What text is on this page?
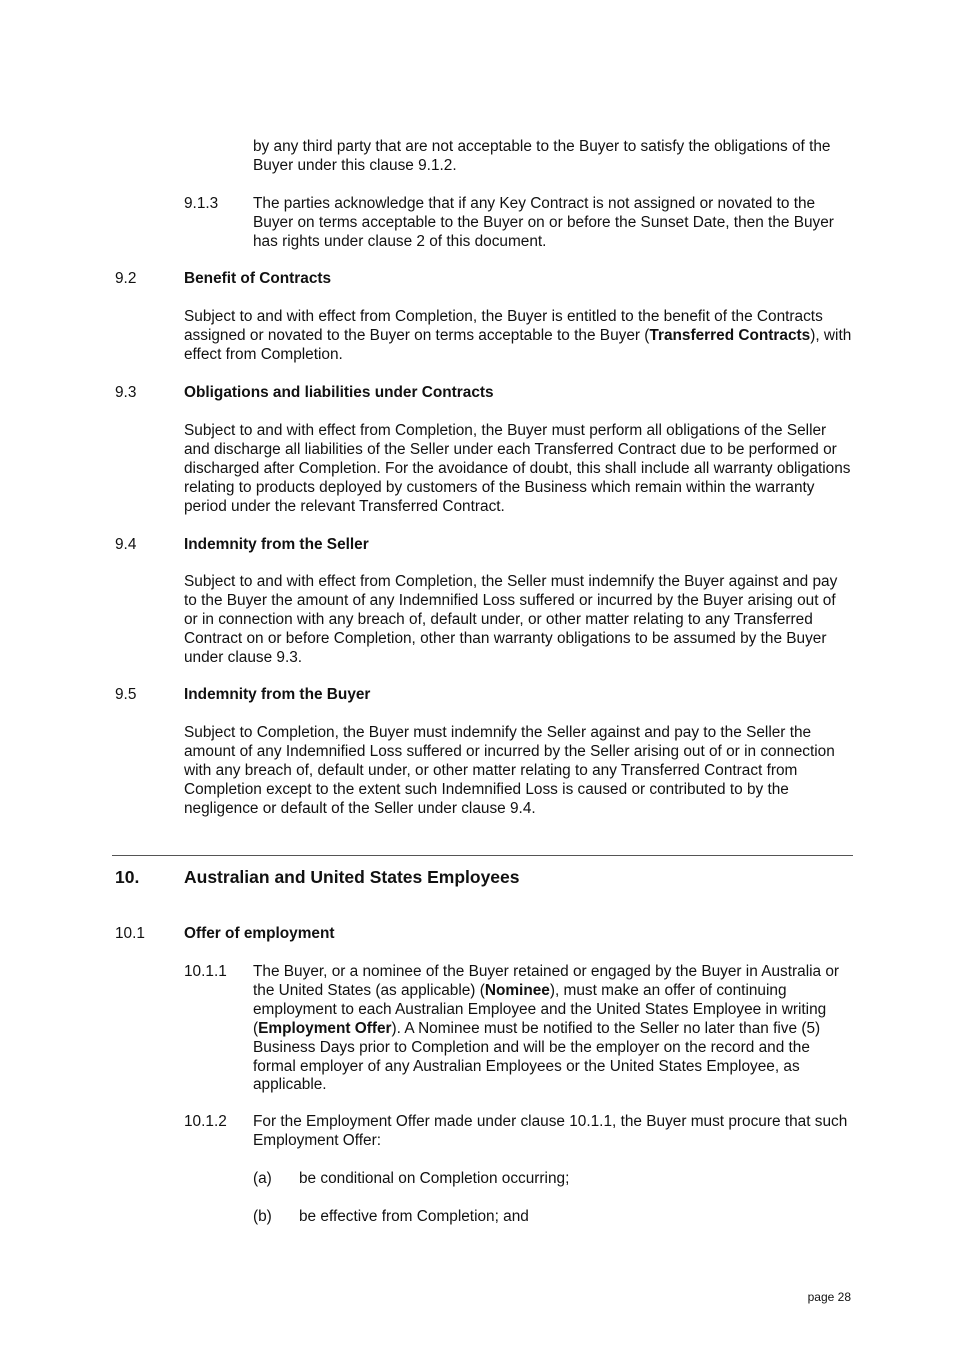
by any third party that are not acceptable to the Buyer to satisfy the obligations of the Buyer under this clause 9.1.2.

9.1.3 The parties acknowledge that if any Key Contract is not assigned or novated to the Buyer on terms acceptable to the Buyer on or before the Sunset Date, then the Buyer has rights under clause 2 of this document.

9.2	Benefit of Contracts

Subject to and with effect from Completion, the Buyer is entitled to the benefit of the Contracts assigned or novated to the Buyer on terms acceptable to the Buyer (Transferred Contracts), with effect from Completion.

9.3	Obligations and liabilities under Contracts

Subject to and with effect from Completion, the Buyer must perform all obligations of the Seller and discharge all liabilities of the Seller under each Transferred Contract due to be performed or discharged after Completion. For the avoidance of doubt, this shall include all warranty obligations relating to products deployed by customers of the Business which remain within the warranty period under the relevant Transferred Contract.

9.4	Indemnity from the Seller

Subject to and with effect from Completion, the Seller must indemnify the Buyer against and pay to the Buyer the amount of any Indemnified Loss suffered or incurred by the Buyer arising out of or in connection with any breach of, default under, or other matter relating to any Transferred Contract on or before Completion, other than warranty obligations to be assumed by the Buyer under clause 9.3.

9.5	Indemnity from the Buyer

Subject to Completion, the Buyer must indemnify the Seller against and pay to the Seller the amount of any Indemnified Loss suffered or incurred by the Seller arising out of or in connection with any breach of, default under, or other matter relating to any Transferred Contract from Completion except to the extent such Indemnified Loss is caused or contributed to by the negligence or default of the Seller under clause 9.4.

10.	Australian and United States Employees
10.1	Offer of employment
10.1.1 The Buyer, or a nominee of the Buyer retained or engaged by the Buyer in Australia or the United States (as applicable) (Nominee), must make an offer of continuing employment to each Australian Employee and the United States Employee in writing (Employment Offer). A Nominee must be notified to the Seller no later than five (5) Business Days prior to Completion and will be the employer on the record and the formal employer of any Australian Employees or the United States Employee, as applicable.

10.1.2 For the Employment Offer made under clause 10.1.1, the Buyer must procure that such Employment Offer:

(a) be conditional on Completion occurring;
(b) be effective from Completion; and
page 28
